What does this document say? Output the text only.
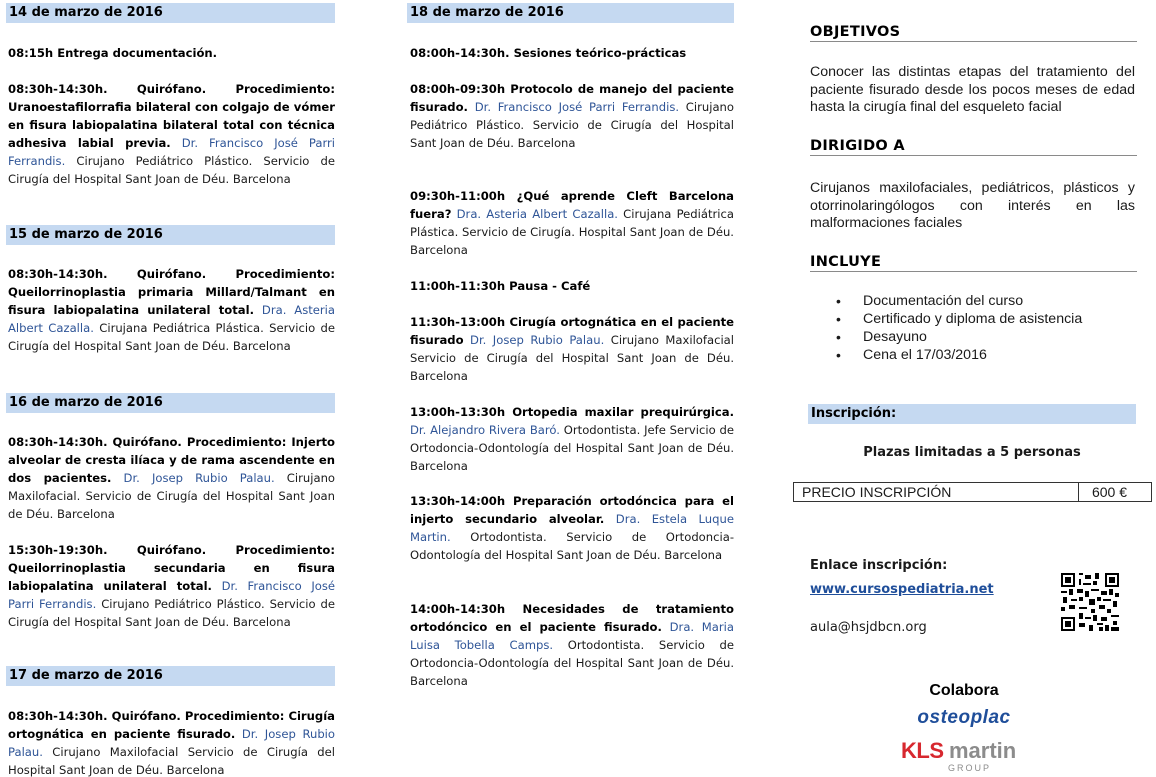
14 de marzo de 2016
08:15h Entrega documentación.
08:30h-14:30h. Quirófano. Procedimiento: Uranoestafilorrafia bilateral con colgajo de vómer en fisura labiopalatina bilateral total con técnica adhesiva labial previa. Dr. Francisco José Parri Ferrandis. Cirujano Pediátrico Plástico. Servicio de Cirugía del Hospital Sant Joan de Déu. Barcelona
15 de marzo de 2016
08:30h-14:30h. Quirófano. Procedimiento: Queilorrinoplastia primaria Millard/Talmant en fisura labiopalatina unilateral total. Dra. Asteria Albert Cazalla. Cirujana Pediátrica Plástica. Servicio de Cirugía del Hospital Sant Joan de Déu. Barcelona
16 de marzo de 2016
08:30h-14:30h. Quirófano. Procedimiento: Injerto alveolar de cresta ilíaca y de rama ascendente en dos pacientes. Dr. Josep Rubio Palau. Cirujano Maxilofacial. Servicio de Cirugía del Hospital Sant Joan de Déu. Barcelona
15:30h-19:30h. Quirófano. Procedimiento: Queilorrinoplastia secundaria en fisura labiopalatina unilateral total. Dr. Francisco José Parri Ferrandis. Cirujano Pediátrico Plástico. Servicio de Cirugía del Hospital Sant Joan de Déu. Barcelona
17 de marzo de 2016
08:30h-14:30h. Quirófano. Procedimiento: Cirugía ortognática en paciente fisurado. Dr. Josep Rubio Palau. Cirujano Maxilofacial Servicio de Cirugía del Hospital Sant Joan de Déu. Barcelona
18 de marzo de 2016
08:00h-14:30h. Sesiones teórico-prácticas
08:00h-09:30h Protocolo de manejo del paciente fisurado. Dr. Francisco José Parri Ferrandis. Cirujano Pediátrico Plástico. Servicio de Cirugía del Hospital Sant Joan de Déu. Barcelona
09:30h-11:00h ¿Qué aprende Cleft Barcelona fuera? Dra. Asteria Albert Cazalla. Cirujana Pediátrica Plástica. Servicio de Cirugía. Hospital Sant Joan de Déu. Barcelona
11:00h-11:30h Pausa - Café
11:30h-13:00h Cirugía ortognática en el paciente fisurado Dr. Josep Rubio Palau. Cirujano Maxilofacial Servicio de Cirugía del Hospital Sant Joan de Déu. Barcelona
13:00h-13:30h Ortopedia maxilar prequirúrgica. Dr. Alejandro Rivera Baró. Ortodontista. Jefe Servicio de Ortodoncia-Odontología del Hospital Sant Joan de Déu. Barcelona
13:30h-14:00h Preparación ortodóncica para el injerto secundario alveolar. Dra. Estela Luque Martin. Ortodontista. Servicio de Ortodoncia-Odontología del Hospital Sant Joan de Déu. Barcelona
14:00h-14:30h Necesidades de tratamiento ortodóncico en el paciente fisurado. Dra. Maria Luisa Tobella Camps. Ortodontista. Servicio de Ortodoncia-Odontología del Hospital Sant Joan de Déu. Barcelona
OBJETIVOS
Conocer las distintas etapas del tratamiento del paciente fisurado desde los pocos meses de edad hasta la cirugía final del esqueleto facial
DIRIGIDO A
Cirujanos maxilofaciales, pediátricos, plásticos y otorrinolaringólogos con interés en las malformaciones faciales
INCLUYE
• Documentación del curso
• Certificado y diploma de asistencia
• Desayuno
• Cena el 17/03/2016
Inscripción:
Plazas limitadas a 5 personas
PRECIO INSCRIPCIÓN	600 €
Enlace inscripción:
www.cursospediatria.net
aula@hsjdbcn.org
Colabora
osteoplac
KLS martin
GROUP
